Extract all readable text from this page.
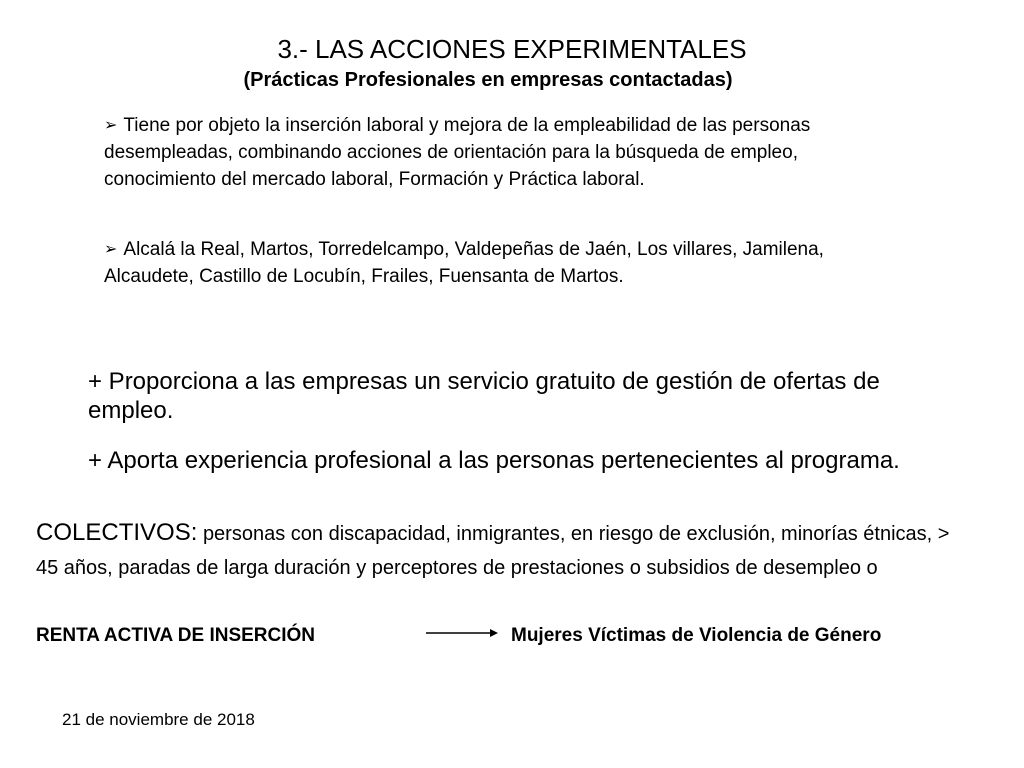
3.- LAS ACCIONES EXPERIMENTALES
(Prácticas Profesionales en empresas contactadas)
➢ Tiene por objeto la inserción laboral y mejora de la empleabilidad de las personas desempleadas, combinando acciones de orientación para la búsqueda de empleo, conocimiento del mercado laboral, Formación y Práctica laboral.
➢ Alcalá la Real, Martos, Torredelcampo, Valdepeñas de Jaén, Los villares, Jamilena, Alcaudete, Castillo de Locubín, Frailes, Fuensanta de Martos.
+ Proporciona a las empresas un servicio gratuito de gestión de ofertas de empleo.
+ Aporta experiencia profesional a las personas pertenecientes al programa.
COLECTIVOS: personas con discapacidad, inmigrantes, en riesgo de exclusión, minorías étnicas, > 45 años, paradas de larga duración y perceptores de prestaciones o subsidios de desempleo o
RENTA ACTIVA DE INSERCIÓN	Mujeres Víctimas de Violencia de Género
21 de noviembre de 2018
